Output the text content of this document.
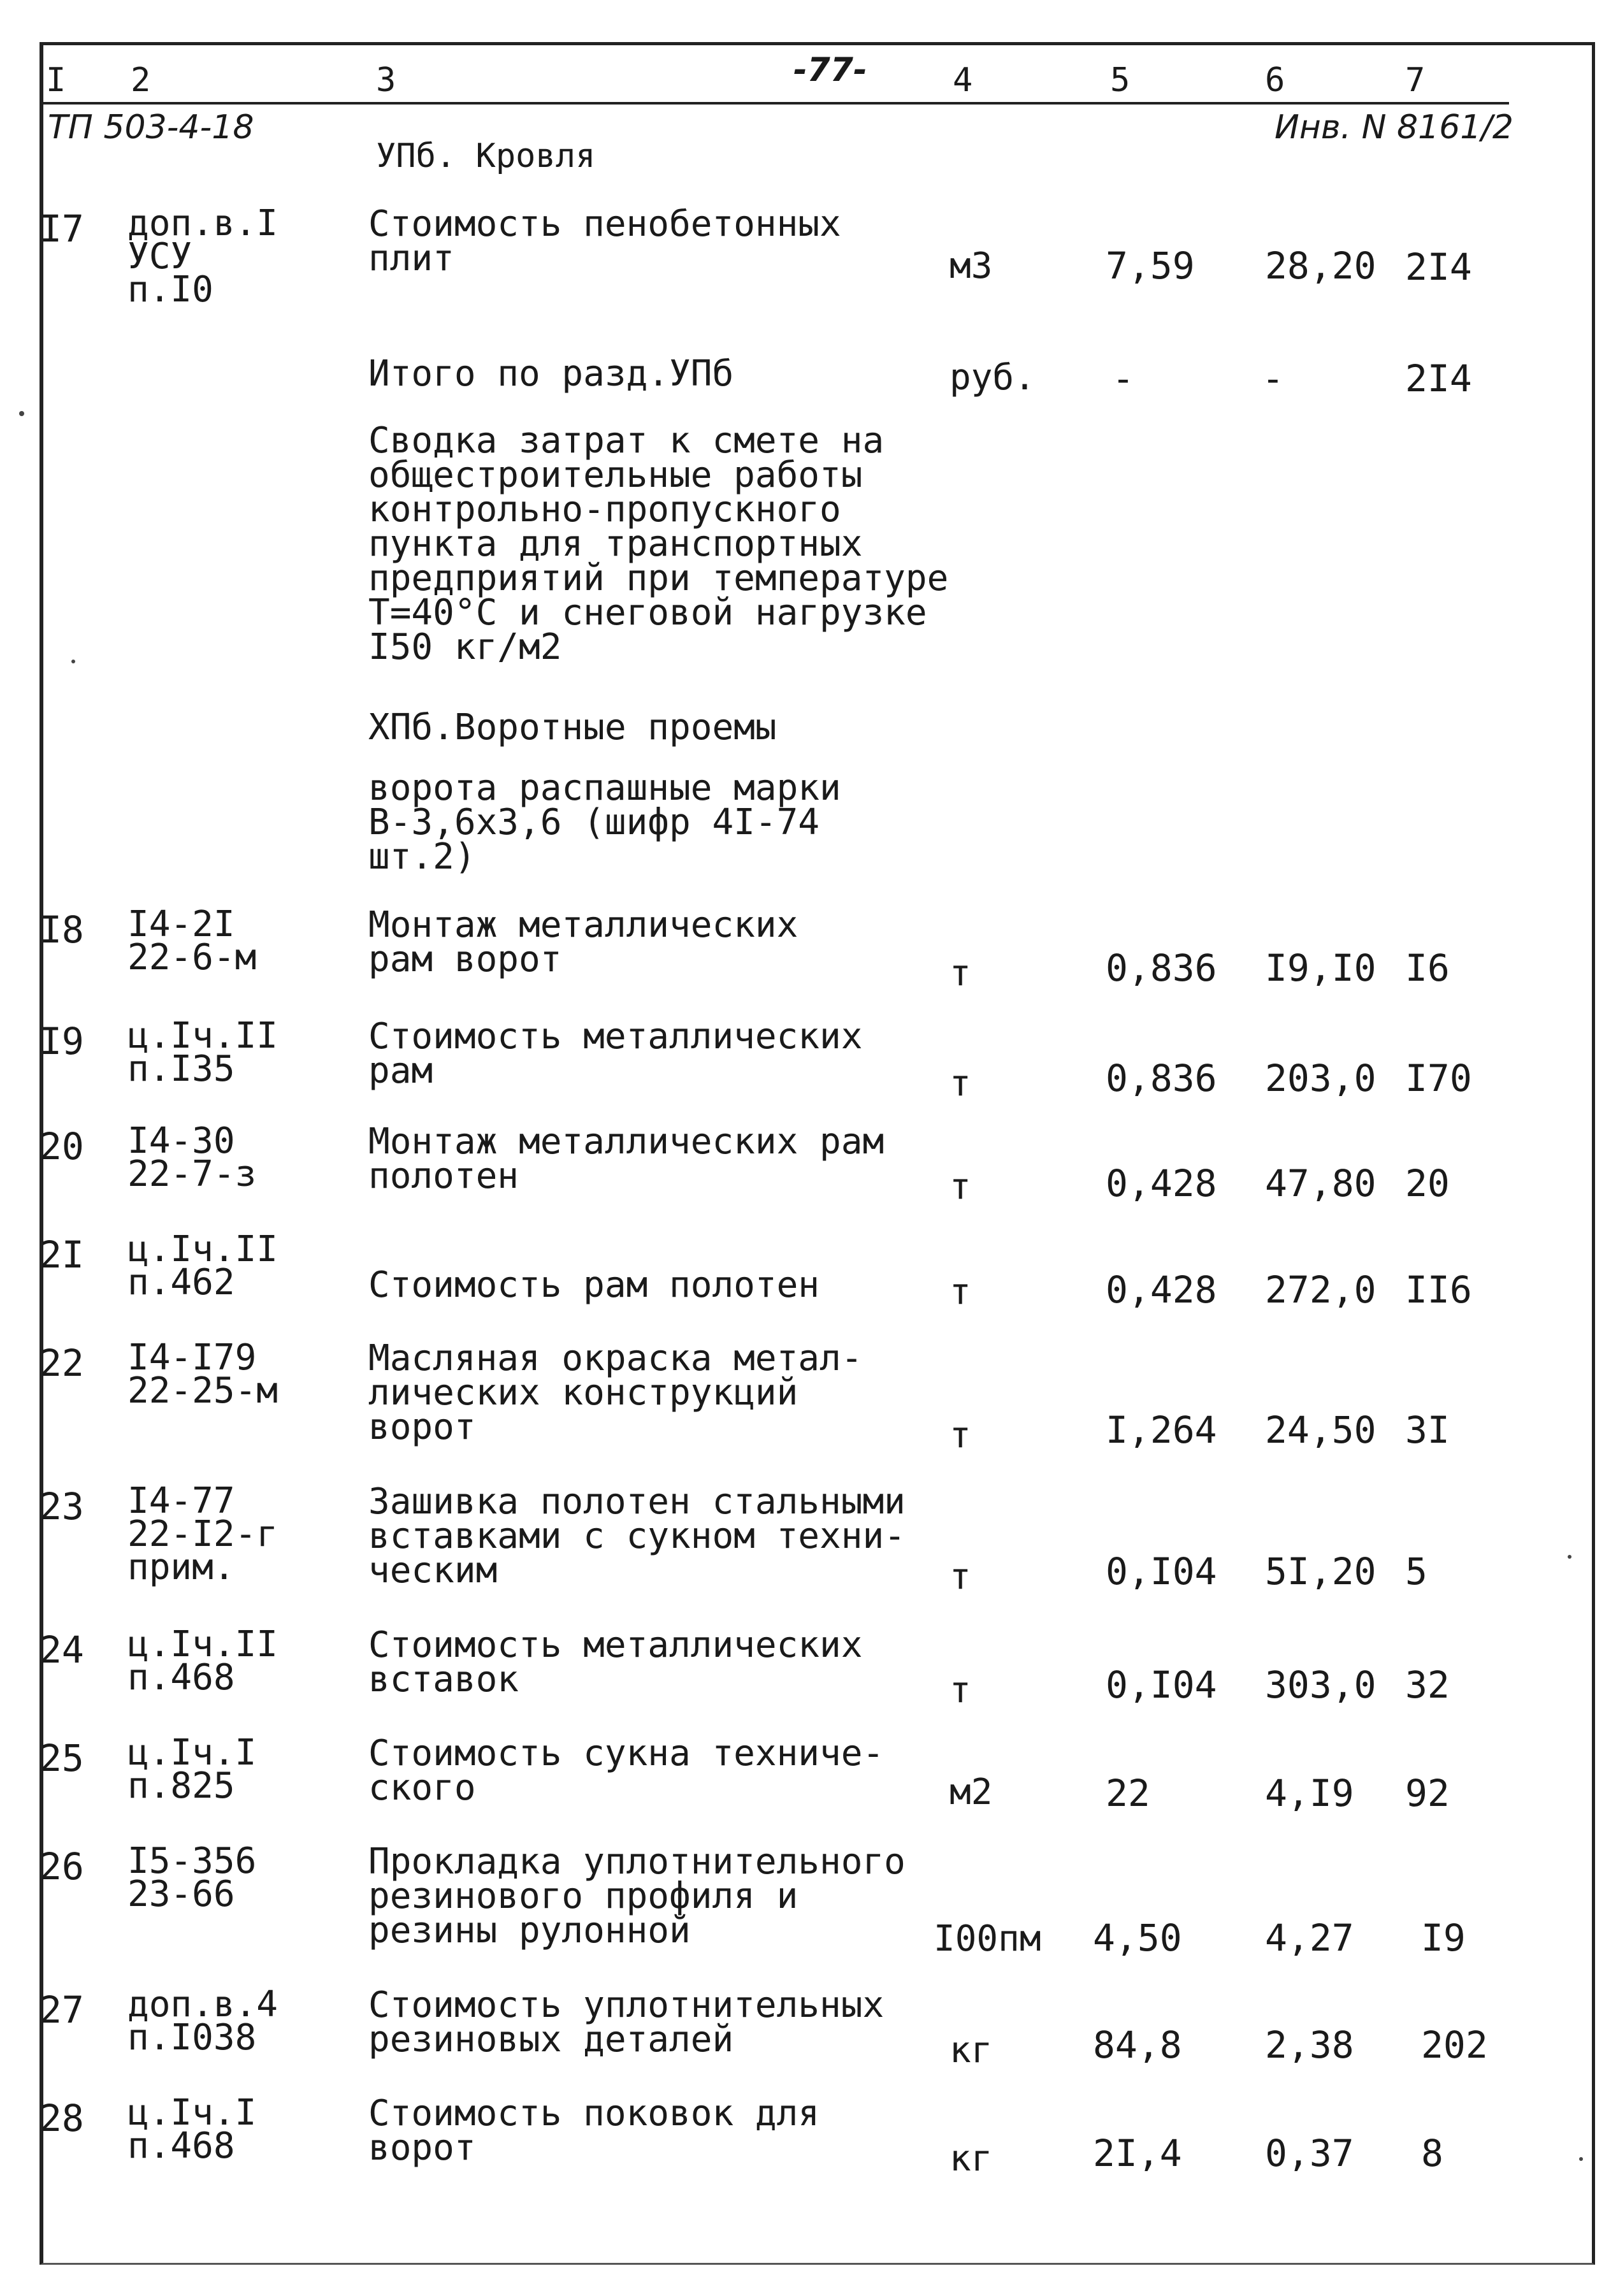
I 2	3	4	5	6	7
-77-
ТП 503-4-18	Инв. N 8161/2
УПб. Кровля
I7 доп.в.I
УСУ
п.I0
Стоимость пенобетонных
плит	м3	7,59 28,20 2I4
Итого по разд.УПб	руб. -	-	2I4
Сводка затрат к смете на
общестроительные работы
контрольно-пропускного
пункта для транспортных
предприятий при температуре
Т=40°С и снеговой нагрузке
I50 кг/м2
ХПб.Воротные проемы
ворота распашные марки
В-3,6х3,6 (шифр 4I-74
шт.2)
I8 I4-2I
22-6-м
Монтаж металлических
рам ворот	т	0,836 I9,I0 I6
I9 ц.Iч.II
п.I35
Стоимость металлических
рам	т	0,836 203,0 I70
20 I4-30
22-7-з
Монтаж металлических рам
полотен	т	0,428 47,80 20
2I ц.Iч.II
п.462	Стоимость рам полотен	т	0,428 272,0 II6
22 I4-I79
22-25-м
Масляная окраска метал-
лических конструкций
ворот	т	I,264 24,50 3I
23 I4-77
22-I2-г
прим.
Зашивка полотен стальными
вставками с сукном техни-
ческим	т	0,I04 5I,20 5
24 ц.Iч.II
п.468
Стоимость металлических
вставок	т	0,I04 303,0 32
25 ц.Iч.I
п.825
Стоимость сукна техниче-
ского	м2	22	4,I9 92
26 I5-356
23-66
Прокладка уплотнительного
резинового профиля и
резины рулонной	I00пм 4,50 4,27 I9
27 доп.в.4
п.I038
Стоимость уплотнительных
резиновых деталей	кг	84,8 2,38 202
28 ц.Iч.I
п.468
Стоимость поковок для
ворот	кг	2I,4 0,37 8
